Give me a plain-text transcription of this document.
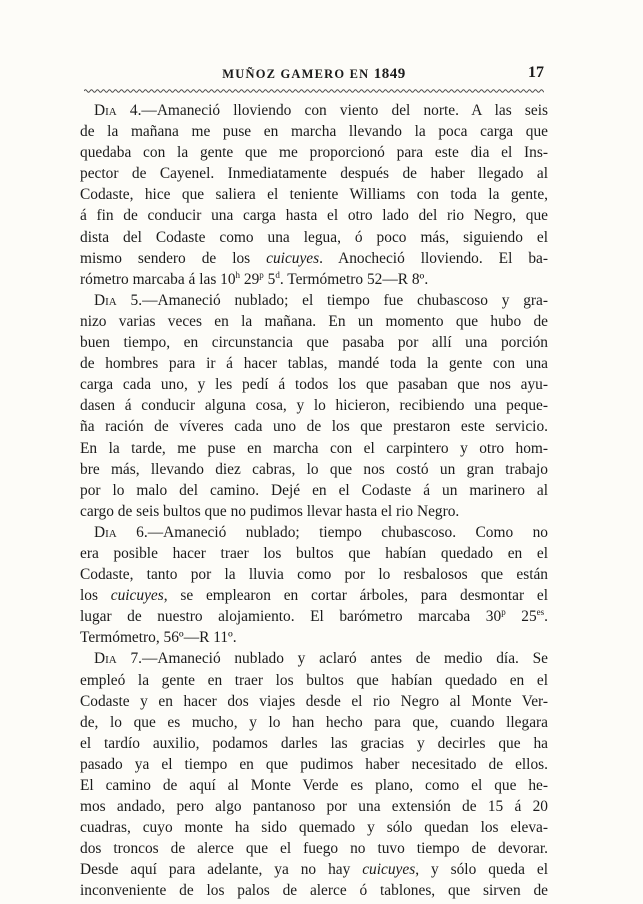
MUÑOZ GAMERO EN 1849	17
Dia 4.—Amaneció lloviendo con viento del norte. A las seis
de la mañana me puse en marcha llevando la poca carga que
quedaba con la gente que me proporcionó para este dia el Ins-
pector de Cayenel. Inmediatamente después de haber llegado al
Codaste, hice que saliera el teniente Williams con toda la gente,
á fin de conducir una carga hasta el otro lado del rio Negro, que
dista del Codaste como una legua, ó poco más, siguiendo el
mismo sendero de los cuicuyes. Anocheció lloviendo. El ba-
rómetro marcaba á las 10$^h$ 29$^p$ 5$^d$. Termómetro 52—R 8º.
Dia 5.—Amaneció nublado; el tiempo fue chubascoso y gra-
nizo varias veces en la mañana. En un momento que hubo de
buen tiempo, en circunstancia que pasaba por allí una porción
de hombres para ir á hacer tablas, mandé toda la gente con una
carga cada uno, y les pedí á todos los que pasaban que nos ayu-
dasen á conducir alguna cosa, y lo hicieron, recibiendo una peque-
ña ración de víveres cada uno de los que prestaron este servicio.
En la tarde, me puse en marcha con el carpintero y otro hom-
bre más, llevando diez cabras, lo que nos costó un gran trabajo
por lo malo del camino. Dejé en el Codaste á un marinero al
cargo de seis bultos que no pudimos llevar hasta el rio Negro.
Dia 6.—Amaneció nublado; tiempo chubascoso. Como no
era posible hacer traer los bultos que habían quedado en el
Codaste, tanto por la lluvia como por lo resbalosos que están
los cuicuyes, se emplearon en cortar árboles, para desmontar el
lugar de nuestro alojamiento. El barómetro marcaba 30$^p$ $25^{es}$.
Termómetro, 56º—R 11º.
Dia 7.—Amaneció nublado y aclaró antes de medio día. Se
empleó la gente en traer los bultos que habían quedado en el
Codaste y en hacer dos viajes desde el rio Negro al Monte Ver-
de, lo que es mucho, y lo han hecho para que, cuando llegara
el tardío auxilio, podamos darles las gracias y decirles que ha
pasado ya el tiempo en que pudimos haber necesitado de ellos.
El camino de aquí al Monte Verde es plano, como el que he-
mos andado, pero algo pantanoso por una extensión de 15 á 20
cuadras, cuyo monte ha sido quemado y sólo quedan los eleva-
dos troncos de alerce que el fuego no tuvo tiempo de devorar.
Desde aquí para adelante, ya no hay cuicuyes, y sólo queda el
inconveniente de los palos de alerce ó tablones, que sirven de
